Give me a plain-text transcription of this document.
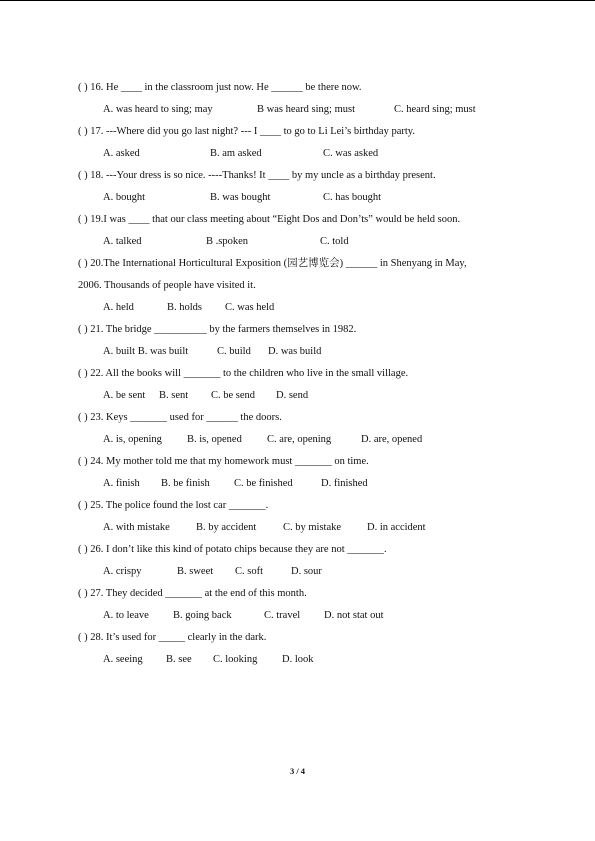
( ) 16. He ____ in the classroom just now. He ______ be there now.
A. was heard to sing; may	B was heard sing; must	C. heard sing; must
( ) 17. ---Where did you go last night? --- I ____ to go to Li Lei’s birthday party.
A. asked	B. am asked	C. was asked
( ) 18. ---Your dress is so nice. ----Thanks! It ____ by my uncle as a birthday present.
A. bought	B. was bought	C. has bought
( ) 19.I was ____ that our class meeting about “Eight Dos and Don’ts” would be held soon.
A. talked	B .spoken	C. told
( ) 20.The International Horticultural Exposition (园艺博览会) ______ in Shenyang in May,
2006. Thousands of people have visited it.
A. held	B. holds C. was held
( ) 21. The bridge __________ by the farmers themselves in 1982.
A. built B. was built	C. build D. was build
( ) 22. All the books will _______ to the children who live in the small village.
A. be sent B. sent C. be send D. send
( ) 23. Keys _______ used for ______ the doors.
A. is, opening B. is, opened C. are, opening	D. are, opened
( ) 24. My mother told me that my homework must _______ on time.
A. finish B. be finish C. be finished	D. finished
( ) 25. The police found the lost car _______.
A. with mistake B. by accident	C. by mistake D. in accident
( ) 26. I don’t like this kind of potato chips because they are not _______.
A. crispy	B. sweet C. soft	D. sour
( ) 27. They decided _______ at the end of this month.
A. to leave B. going back	C. travel D. not stat out
( ) 28. It’s used for _____ clearly in the dark.
A. seeing B. see C. looking D. look
3 / 4
